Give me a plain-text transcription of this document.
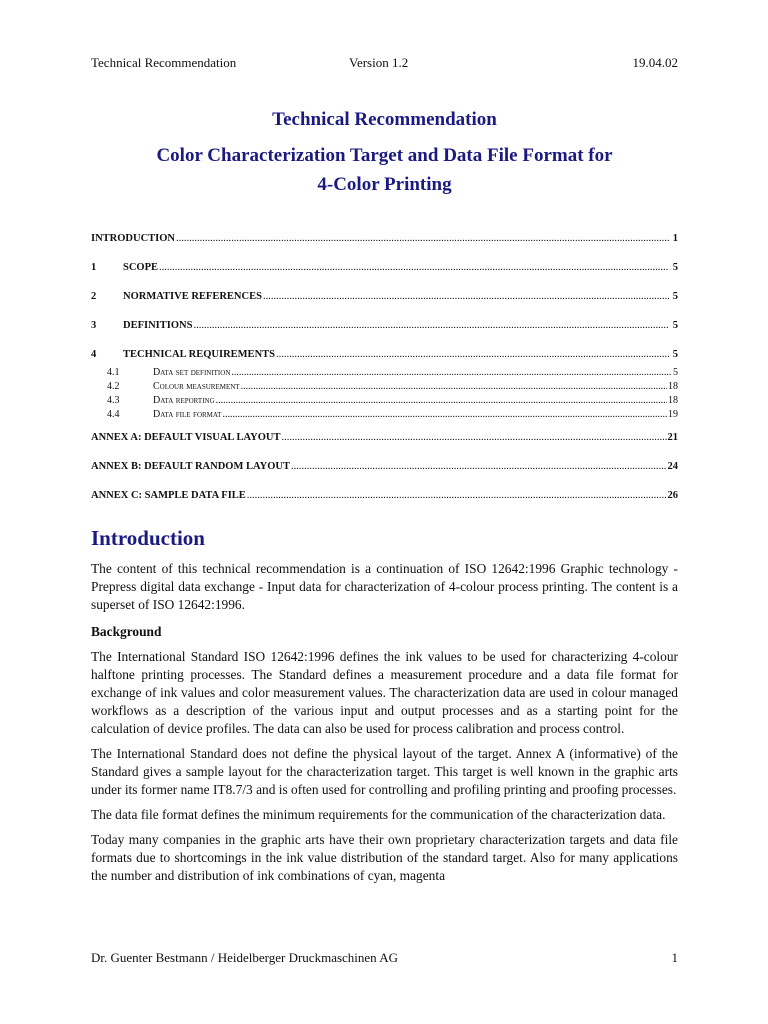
Technical Recommendation	Version 1.2	19.04.02
Technical Recommendation
Color Characterization Target and Data File Format for
4-Color Printing
INTRODUCTION .....	1
1	SCOPE .....	5
2	NORMATIVE REFERENCES .....	5
3	DEFINITIONS .....	5
4	TECHNICAL REQUIREMENTS .....	5
4.1	Data set definition .....	5
4.2	Colour measurement .....	18
4.3	Data reporting .....	18
4.4	Data file format .....	19
ANNEX A: DEFAULT VISUAL LAYOUT .....	21
ANNEX B: DEFAULT RANDOM LAYOUT .....	24
ANNEX C: SAMPLE DATA FILE .....	26
Introduction

The content of this technical recommendation is a continuation of ISO 12642:1996 Graphic technology - Prepress digital data exchange - Input data for characterization of 4-colour process printing. The content is a superset of ISO 12642:1996.

Background

The International Standard ISO 12642:1996 defines the ink values to be used for characterizing 4-colour halftone printing processes. The Standard defines a measurement procedure and a data file format for exchange of ink values and color measurement values. The characterization data are used in colour managed workflows as a description of the various input and output processes and as a starting point for the calculation of device profiles. The data can also be used for process calibration and process control.

The International Standard does not define the physical layout of the target. Annex A (informative) of the Standard gives a sample layout for the characterization target. This target is well known in the graphic arts under its former name IT8.7/3 and is often used for controlling and profiling printing and proofing processes.

The data file format defines the minimum requirements for the communication of the characterization data.

Today many companies in the graphic arts have their own proprietary characterization targets and data file formats due to shortcomings in the ink value distribution of the standard target. Also for many applications the number and distribution of ink combinations of cyan, magenta

Dr. Guenter Bestmann / Heidelberger Druckmaschinen AG	1
